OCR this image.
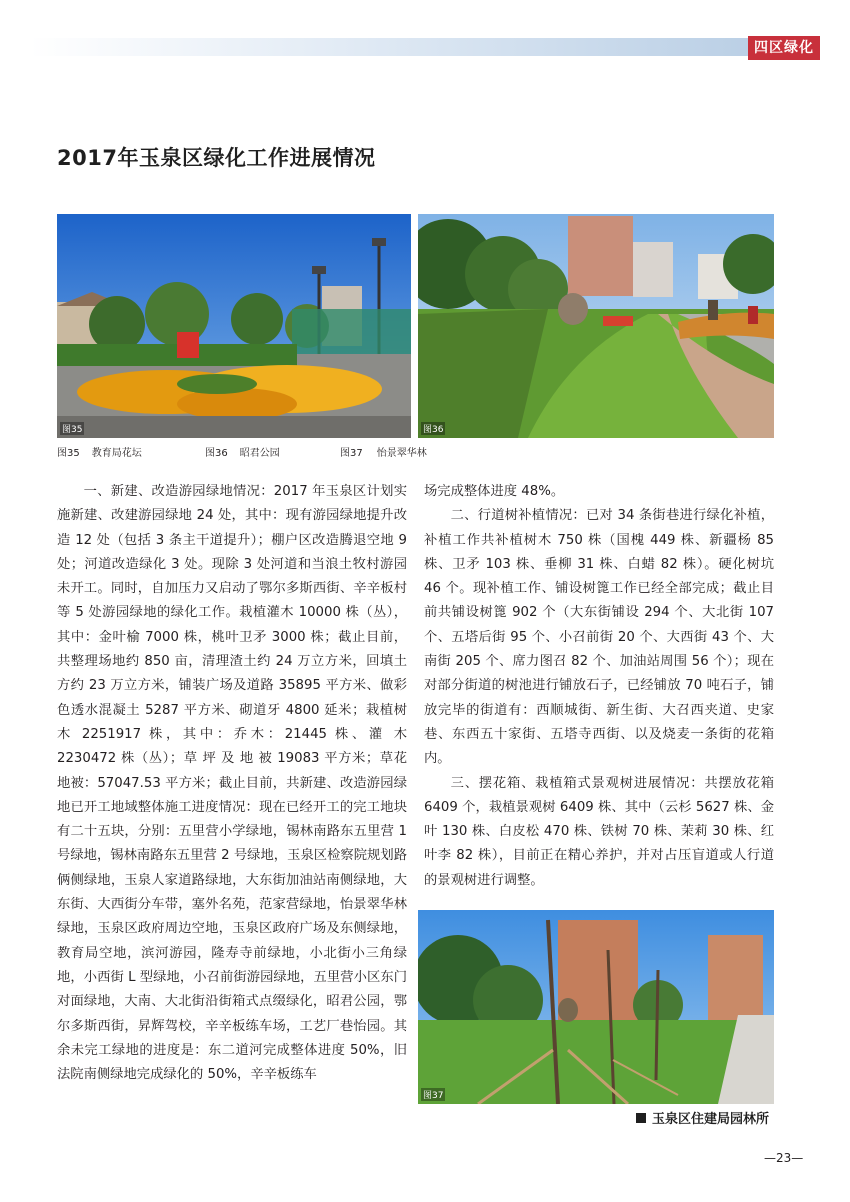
四区绿化
2017年玉泉区绿化工作进展情况
图35	图36
图35 教育局花坛	图36 昭君公园	图37 怡景翠华林

一、新建、改造游园绿地情况：2017 年玉泉区计划实施新建、改建游园绿地 24 处，其中：现有游园绿地提升改造 12 处（包括 3 条主干道提升）；棚户区改造腾退空地 9 处；河道改造绿化 3 处。现除 3 处河道和当浪土牧村游园未开工。同时，自加压力又启动了鄂尔多斯西街、辛辛板村等 5 处游园绿地的绿化工作。栽植灌木 10000 株（丛），其中：金叶榆 7000 株，桃叶卫矛 3000 株；截止目前，共整理场地约 850 亩，清理渣土约 24 万立方米，回填土方约 23 万立方米，铺装广场及道路 35895 平方米、做彩色透水混凝土 5287 平方米、砌道牙 4800 延米；栽植树木 2251917 株，其中：乔木：21445 株、灌 木 2230472 株（丛）；草 坪 及 地 被 19083 平方米；草花地被：57047.53 平方米；截止目前，共新建、改造游园绿地已开工地域整体施工进度情况：现在已经开工的完工地块有二十五块，分别：五里营小学绿地，锡林南路东五里营 1 号绿地，锡林南路东五里营 2 号绿地，玉泉区检察院规划路俩侧绿地，玉泉人家道路绿地，大东街加油站南侧绿地，大东街、大西街分车带，塞外名苑，范家营绿地，怡景翠华林绿地，玉泉区政府周边空地，玉泉区政府广场及东侧绿地，教育局空地，滨河游园，隆寿寺前绿地，小北街小三角绿地，小西街 L 型绿地，小召前街游园绿地，五里营小区东门对面绿地，大南、大北街沿街箱式点缀绿化，昭君公园，鄂尔多斯西街，昇辉驾校，辛辛板练车场，工艺厂巷怡园。其余未完工绿地的进度是：东二道河完成整体进度 50%，旧法院南侧绿地完成绿化的 50%，辛辛板练车

场完成整体进度 48%。

二、行道树补植情况：已对 34 条街巷进行绿化补植，补植工作共补植树木 750 株（国槐 449 株、新疆杨 85 株、卫矛 103 株、垂柳 31 株、白蜡 82 株）。硬化树坑 46 个。现补植工作、铺设树篦工作已经全部完成；截止目前共铺设树篦 902 个（大东街铺设 294 个、大北街 107 个、五塔后街 95 个、小召前街 20 个、大西街 43 个、大南街 205 个、席力图召 82 个、加油站周围 56 个）；现在对部分街道的树池进行铺放石子，已经铺放 70 吨石子，铺放完毕的街道有：西顺城街、新生街、大召西夹道、史家巷、东西五十家街、五塔寺西街、以及烧麦一条街的花箱内。

三、摆花箱、栽植箱式景观树进展情况：共摆放花箱 6409 个，栽植景观树 6409 株、其中（云杉 5627 株、金叶 130 株、白皮松 470 株、铁树 70 株、茉莉 30 株、红叶李 82 株），目前正在精心养护，并对占压盲道或人行道的景观树进行调整。

图37
玉泉区住建局园林所
—23—
